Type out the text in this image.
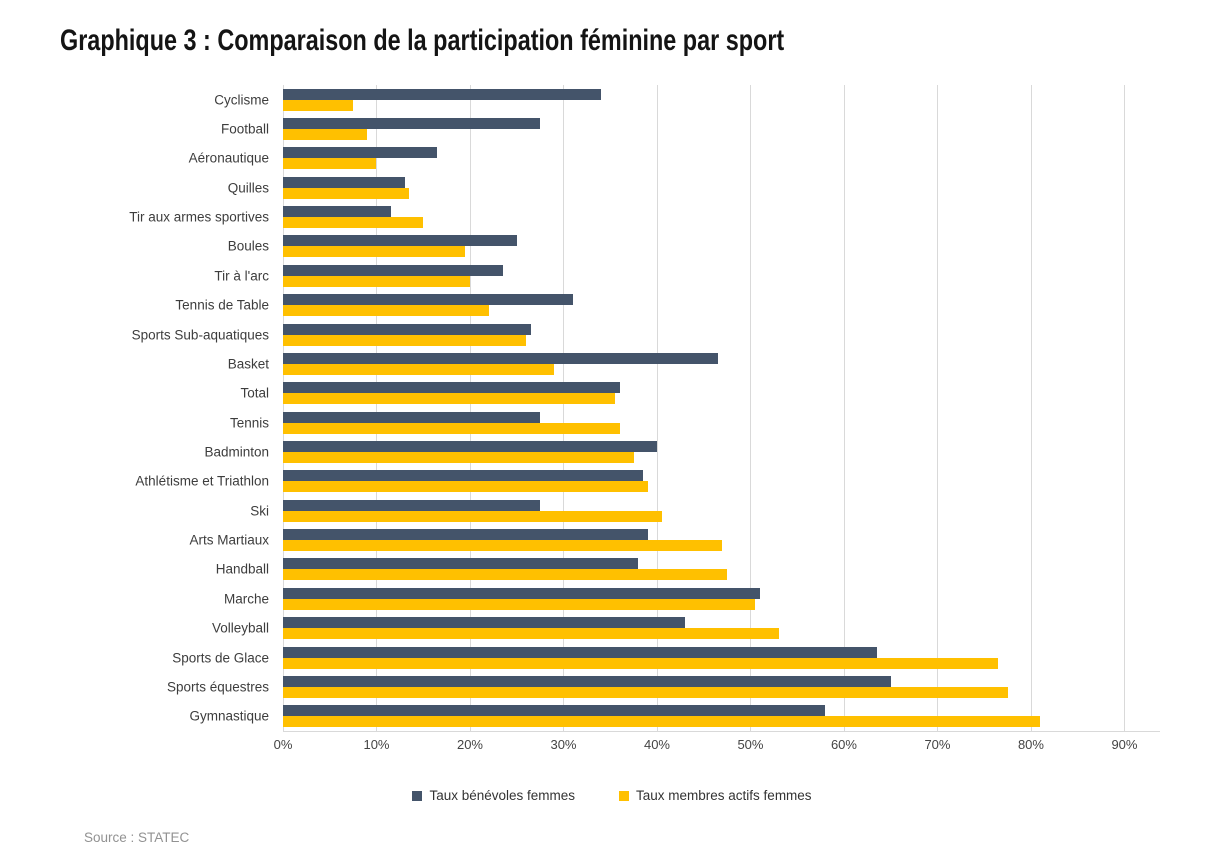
Graphique 3 : Comparaison de la participation féminine par sport
Cyclisme
Football
Aéronautique
Quilles
Tir aux armes sportives
Boules
Tir à l'arc
Tennis de Table
Sports Sub-aquatiques
Basket
Total
Tennis
Badminton
Athlétisme et Triathlon
Ski
Arts Martiaux
Handball
Marche
Volleyball
Sports de Glace
Sports équestres
Gymnastique
0%	10%	20%	30%	40%	50%	60%	70%	80%	90%
Taux bénévoles femmes	Taux membres actifs femmes
Source : STATEC
